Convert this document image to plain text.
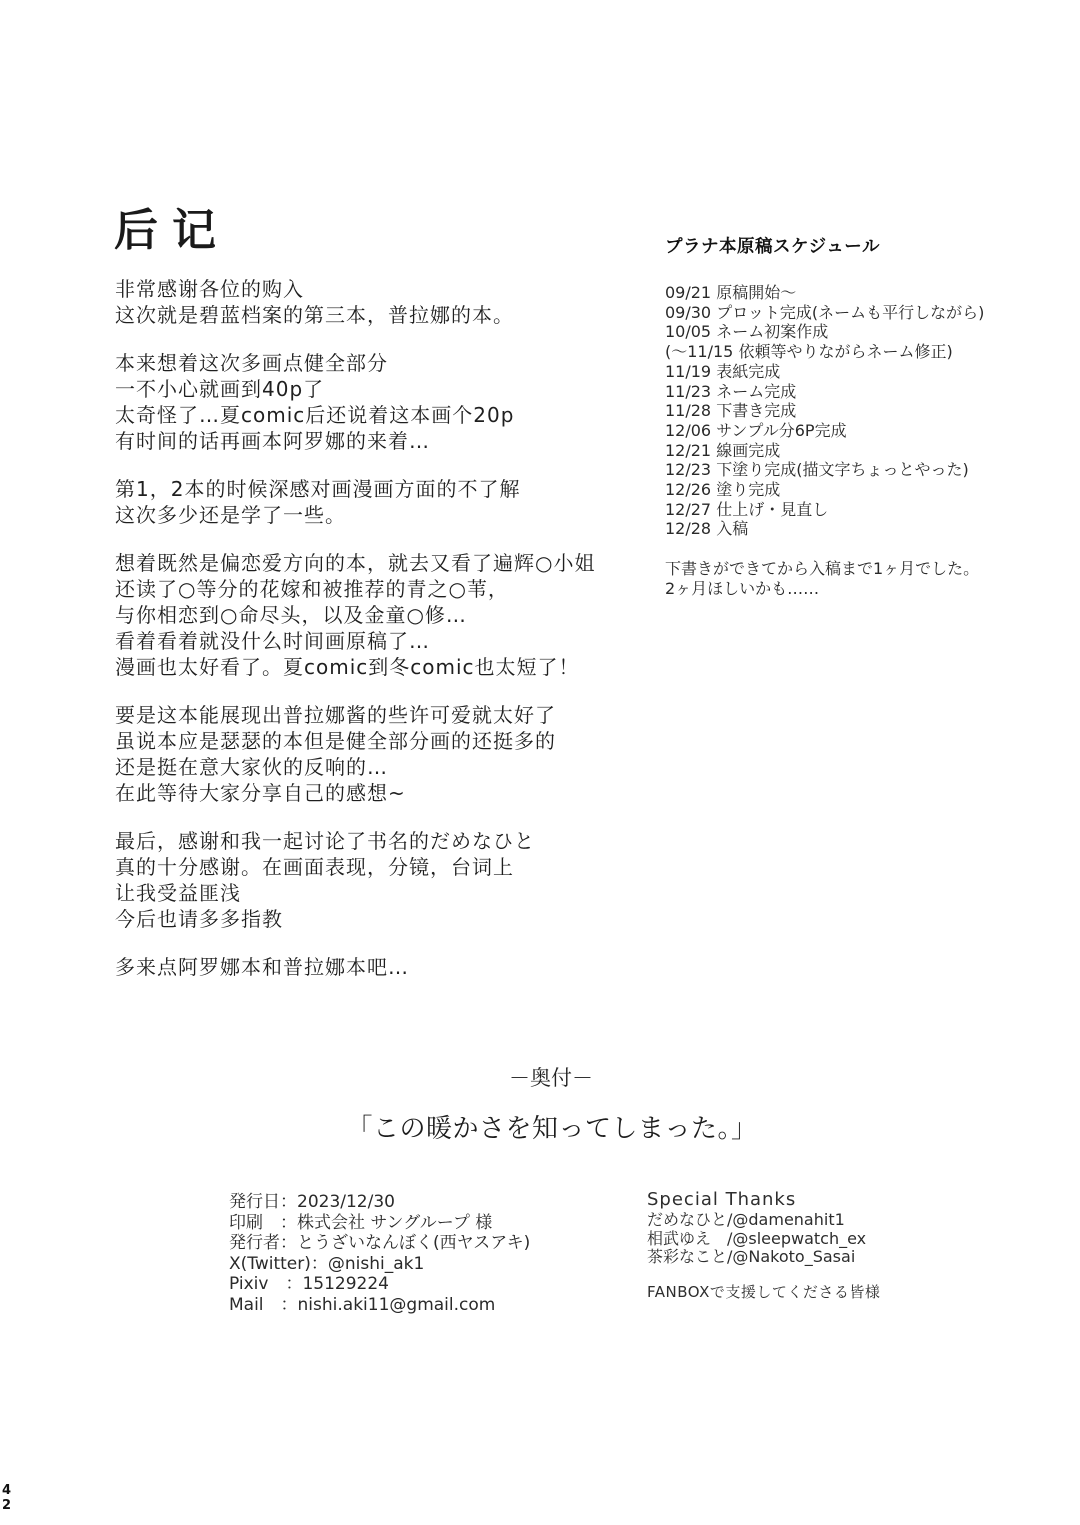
后记
非常感谢各位的购入
这次就是碧蓝档案的第三本，普拉娜的本。
本来想着这次多画点健全部分
一不小心就画到40p了
太奇怪了…夏comic后还说着这本画个20p
有时间的话再画本阿罗娜的来着…
第1，2本的时候深感对画漫画方面的不了解
这次多少还是学了一些。
想着既然是偏恋爱方向的本，就去又看了遍辉○小姐
还读了○等分的花嫁和被推荐的青之○苇，
与你相恋到○命尽头，以及金童○修…
看着看着就没什么时间画原稿了…
漫画也太好看了。夏comic到冬comic也太短了！
要是这本能展现出普拉娜酱的些许可爱就太好了
虽说本应是瑟瑟的本但是健全部分画的还挺多的
还是挺在意大家伙的反响的…
在此等待大家分享自己的感想~
最后，感谢和我一起讨论了书名的だめなひと
真的十分感谢。在画面表现，分镜，台词上
让我受益匪浅
今后也请多多指教
多来点阿罗娜本和普拉娜本吧…
プラナ本原稿スケジュール
09/21 原稿開始～
09/30 プロット完成(ネームも平行しながら)
10/05 ネーム初案作成
(～11/15 依頼等やりながらネーム修正)
11/19 表紙完成
11/23 ネーム完成
11/28 下書き完成
12/06 サンプル分6P完成
12/21 線画完成
12/23 下塗り完成(描文字ちょっとやった)
12/26 塗り完成
12/27 仕上げ・見直し
12/28 入稿
下書きができてから入稿まで1ヶ月でした。
2ヶ月ほしいかも……
－奥付－
「この暖かさを知ってしまった。」
発行日：2023/12/30
印刷　：株式会社 サングループ 様
発行者：とうざいなんぼく(西ヤスアキ)
X(Twitter)：@nishi_ak1
Pixiv　：15129224
Mail　：nishi.aki11@gmail.com
Special Thanks
だめなひと/@damenahit1
相武ゆえ　/@sleepwatch_ex
茶彩なこと/@Nakoto_Sasai
FANBOXで支援してくださる皆様
4
2
